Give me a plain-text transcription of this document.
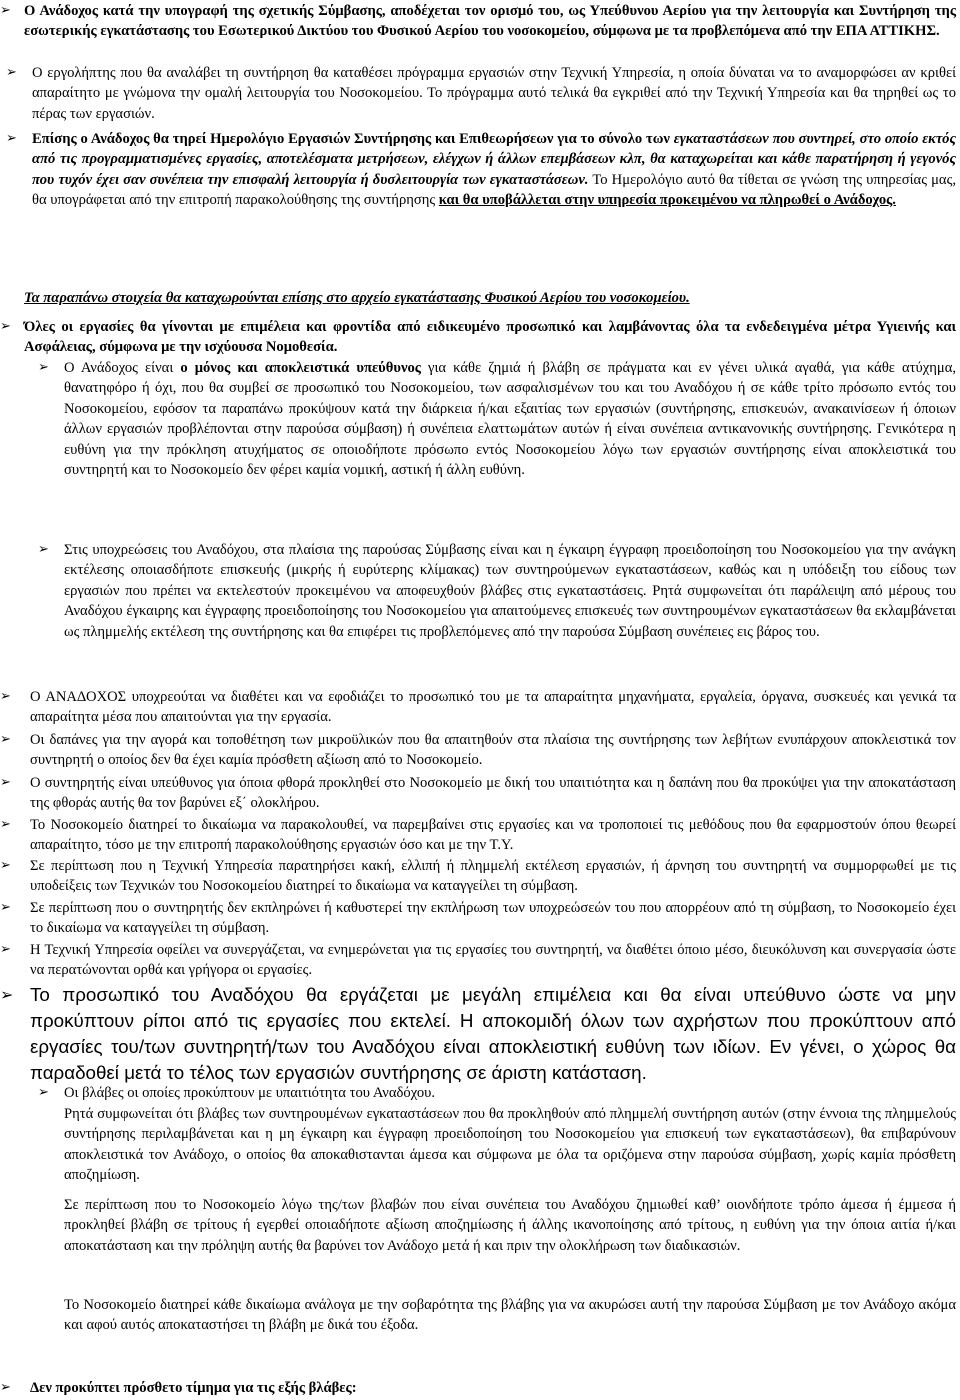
➢ Ο Ανάδοχος κατά την υπογραφή της σχετικής Σύμβασης, αποδέχεται τον ορισμό του, ως Υπεύθυνου Αερίου για την λειτουργία και Συντήρηση της εσωτερικής εγκατάστασης του Εσωτερικού Δικτύου του Φυσικού Αερίου του νοσοκομείου, σύμφωνα με τα προβλεπόμενα από την ΕΠΑ ΑΤΤΙΚΗΣ.
➢	Ο εργολήπτης που θα αναλάβει τη συντήρηση θα καταθέσει πρόγραμμα εργασιών στην Τεχνική Υπηρεσία, η οποία δύναται να το αναμορφώσει αν κριθεί απαραίτητο με γνώμονα την ομαλή λειτουργία του Νοσοκομείου. Το πρόγραμμα αυτό τελικά θα εγκριθεί από την Τεχνική Υπηρεσία και θα τηρηθεί ως το πέρας των εργασιών.
➢	Επίσης ο Ανάδοχος θα τηρεί Ημερολόγιο Εργασιών Συντήρησης και Επιθεωρήσεων για το σύνολο των εγκαταστάσεων που συντηρεί, στο οποίο εκτός από τις προγραμματισμένες εργασίες, αποτελέσματα μετρήσεων, ελέγχων ή άλλων επεμβάσεων κλπ, θα καταχωρείται και κάθε παρατήρηση ή γεγονός που τυχόν έχει σαν συνέπεια την επισφαλή λειτουργία ή δυσλειτουργία των εγκαταστάσεων. Το Ημερολόγιο αυτό θα τίθεται σε γνώση της υπηρεσίας μας, θα υπογράφεται από την επιτροπή παρακολούθησης της συντήρησης και θα υποβάλλεται στην υπηρεσία προκειμένου να πληρωθεί ο Ανάδοχος.
Τα παραπάνω στοιχεία θα καταχωρούνται επίσης στο αρχείο εγκατάστασης Φυσικού Αερίου του νοσοκομείου.
➢ Όλες οι εργασίες θα γίνονται με επιμέλεια και φροντίδα από ειδικευμένο προσωπικό και λαμβάνοντας όλα τα ενδεδειγμένα μέτρα Υγιεινής και Ασφάλειας, σύμφωνα με την ισχύουσα Νομοθεσία.
➢	Ο Ανάδοχος είναι ο μόνος και αποκλειστικά υπεύθυνος για κάθε ζημιά ή βλάβη σε πράγματα και εν γένει υλικά αγαθά, για κάθε ατύχημα, θανατηφόρο ή όχι, που θα συμβεί σε προσωπικό του Νοσοκομείου, των ασφαλισμένων του και του Αναδόχου ή σε κάθε τρίτο πρόσωπο εντός του Νοσοκομείου, εφόσον τα παραπάνω προκύψουν κατά την διάρκεια ή/και εξαιτίας των εργασιών (συντήρησης, επισκευών, ανακαινίσεων ή όποιων άλλων εργασιών προβλέπονται στην παρούσα σύμβαση) ή συνέπεια ελαττωμάτων αυτών ή είναι συνέπεια αντικανονικής συντήρησης. Γενικότερα η ευθύνη για την πρόκληση ατυχήματος σε οποιοδήποτε πρόσωπο εντός Νοσοκομείου λόγω των εργασιών συντήρησης είναι αποκλειστικά του συντηρητή και το Νοσοκομείο δεν φέρει καμία νομική, αστική ή άλλη ευθύνη.
➢	Στις υποχρεώσεις του Αναδόχου, στα πλαίσια της παρούσας Σύμβασης είναι και η έγκαιρη έγγραφη προειδοποίηση του Νοσοκομείου για την ανάγκη εκτέλεσης οποιασδήποτε επισκευής (μικρής ή ευρύτερης κλίμακας) των συντηρούμενων εγκαταστάσεων, καθώς και η υπόδειξη του είδους των εργασιών που πρέπει να εκτελεστούν προκειμένου να αποφευχθούν βλάβες στις εγκαταστάσεις. Ρητά συμφωνείται ότι παράλειψη από μέρους του Αναδόχου έγκαιρης και έγγραφης προειδοποίησης του Νοσοκομείου για απαιτούμενες επισκευές των συντηρουμένων εγκαταστάσεων θα εκλαμβάνεται ως πλημμελής εκτέλεση της συντήρησης και θα επιφέρει τις προβλεπόμενες από την παρούσα Σύμβαση συνέπειες εις βάρος του.
➢	Ο ΑΝΑΔΟΧΟΣ υποχρεούται να διαθέτει και να εφοδιάζει το προσωπικό του με τα απαραίτητα μηχανήματα, εργαλεία, όργανα, συσκευές και γενικά τα απαραίτητα μέσα που απαιτούνται για την εργασία.
➢	Οι δαπάνες για την αγορά και τοποθέτηση των μικροϋλικών που θα απαιτηθούν στα πλαίσια της συντήρησης των λεβήτων ενυπάρχουν αποκλειστικά τον συντηρητή ο οποίος δεν θα έχει καμία πρόσθετη αξίωση από το Νοσοκομείο.
➢	Ο συντηρητής είναι υπεύθυνος για όποια φθορά προκληθεί στο Νοσοκομείο με δική του υπαιτιότητα και η δαπάνη που θα προκύψει για την αποκατάσταση της φθοράς αυτής θα τον βαρύνει εξ΄ ολοκλήρου.
➢	Το Νοσοκομείο διατηρεί το δικαίωμα να παρακολουθεί, να παρεμβαίνει στις εργασίες και να τροποποιεί τις μεθόδους που θα εφαρμοστούν όπου θεωρεί απαραίτητο, τόσο με την επιτροπή παρακολούθησης εργασιών όσο και με την Τ.Υ.
➢	Σε περίπτωση που η Τεχνική Υπηρεσία παρατηρήσει κακή, ελλιπή ή πλημμελή εκτέλεση εργασιών, ή άρνηση του συντηρητή να συμμορφωθεί με τις υποδείξεις των Τεχνικών του Νοσοκομείου διατηρεί το δικαίωμα να καταγγείλει τη σύμβαση.
➢	Σε περίπτωση που ο συντηρητής δεν εκπληρώνει ή καθυστερεί την εκπλήρωση των υποχρεώσεών του που απορρέουν από τη σύμβαση, το Νοσοκομείο έχει το δικαίωμα να καταγγείλει τη σύμβαση.
➢	Η Τεχνική Υπηρεσία οφείλει να συνεργάζεται, να ενημερώνεται για τις εργασίες του συντηρητή, να διαθέτει όποιο μέσο, διευκόλυνση και συνεργασία ώστε να περατώνονται ορθά και γρήγορα οι εργασίες.
➢ Το προσωπικό του Αναδόχου θα εργάζεται με μεγάλη επιμέλεια και θα είναι υπεύθυνο ώστε να μην προκύπτουν ρίποι από τις εργασίες που εκτελεί. Η αποκομιδή όλων των αχρήστων που προκύπτουν από εργασίες του/των συντηρητή/των του Αναδόχου είναι αποκλειστική ευθύνη των ιδίων. Εν γένει, ο χώρος θα παραδοθεί μετά το τέλος των εργασιών συντήρησης σε άριστη κατάσταση.
➢	Οι βλάβες οι οποίες προκύπτουν με υπαιτιότητα του Αναδόχου.
Ρητά συμφωνείται ότι βλάβες των συντηρουμένων εγκαταστάσεων που θα προκληθούν από πλημμελή συντήρηση αυτών (στην έννοια της πλημμελούς συντήρησης περιλαμβάνεται και η μη έγκαιρη και έγγραφη προειδοποίηση του Νοσοκομείου για επισκευή των εγκαταστάσεων), θα επιβαρύνουν αποκλειστικά τον Ανάδοχο, ο οποίος θα αποκαθιστανται άμεσα και σύμφωνα με όλα τα οριζόμενα στην παρούσα σύμβαση, χωρίς καμία πρόσθετη αποζημίωση.
Σε περίπτωση που το Νοσοκομείο λόγω της/των βλαβών που είναι συνέπεια του Αναδόχου ζημιωθεί καθ’ οιονδήποτε τρόπο άμεσα ή έμμεσα ή προκληθεί βλάβη σε τρίτους ή εγερθεί οποιαδήποτε αξίωση αποζημίωσης ή άλλης ικανοποίησης από τρίτους, η ευθύνη για την όποια αιτία ή/και αποκατάσταση και την πρόληψη αυτής θα βαρύνει τον Ανάδοχο μετά ή και πριν την ολοκλήρωση των διαδικασιών.
Το Νοσοκομείο διατηρεί κάθε δικαίωμα ανάλογα με την σοβαρότητα της βλάβης για να ακυρώσει αυτή την παρούσα Σύμβαση με τον Ανάδοχο ακόμα και αφού αυτός αποκαταστήσει τη βλάβη με δικά του έξοδα.
➢	Δεν προκύπτει πρόσθετο τίμημα για τις εξής βλάβες:
